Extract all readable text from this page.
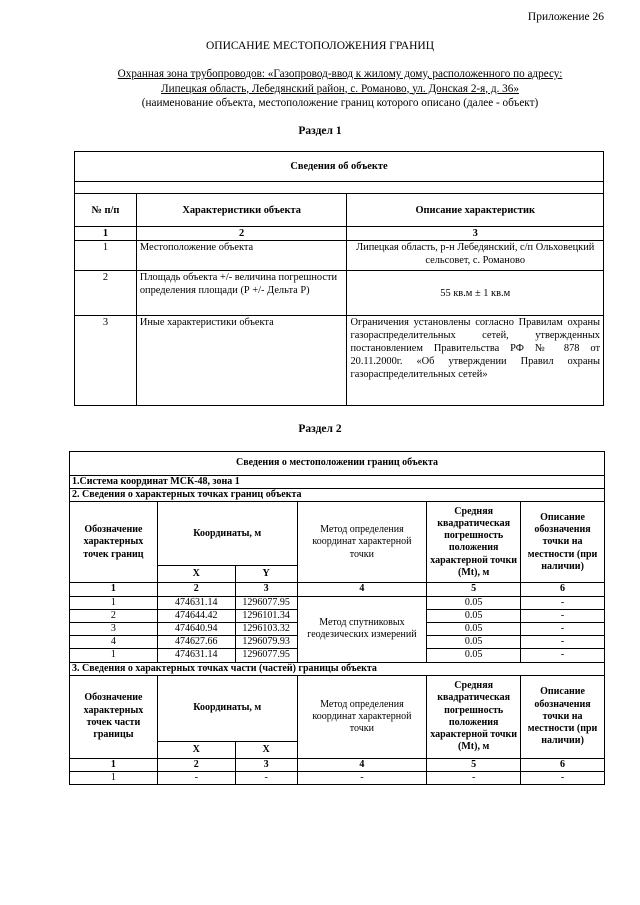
Приложение 26
ОПИСАНИЕ МЕСТОПОЛОЖЕНИЯ ГРАНИЦ
Охранная зона трубопроводов: «Газопровод-ввод к жилому дому, расположенного по адресу:
Липецкая область, Лебедянский район, с. Романово, ул. Донская 2-я, д. 36»
(наименование объекта, местоположение границ которого описано (далее - объект)
Раздел 1
Сведения об объекте		

№ п/п	Характеристики объекта	Описание характеристик
1	2	3
1	Местоположение объекта	Липецкая область, р-н Лебедянский, с/п Ольховецкий сельсовет, с. Романово
2	Площадь объекта +/- величина погрешности определения площади (Р +/- Дельта Р)	55 кв.м ± 1 кв.м
3	Иные характеристики объекта	Ограничения установлены согласно Правилам охраны газораспределительных сетей, утвержденных постановлением Правительства РФ № 878 от 20.11.2000г. «Об утверждении Правил охраны газораспределительных сетей»
Раздел 2
Сведения о местоположении границ объекта					
1.Система координат МСК-48, зона 1					
2. Сведения о характерных точках границ объекта					
Обозначение характерных точек границ	Координаты, м		Метод определения координат характерной точки	Средняя квадратическая погрешность положения характерной точки (Mt), м	Описание обозначения точки на местности (при наличии)
	X	Y			
1	2	3	4	5	6
1	474631.14	1296077.95	Метод спутниковых геодезических измерений	0.05	-
2	474644.42	1296101.34		0.05	-
3	474640.94	1296103.32		0.05	-
4	474627.66	1296079.93		0.05	-
1	474631.14	1296077.95		0.05	-
3. Сведения о характерных точках части (частей) границы объекта					
Обозначение характерных точек части границы	Координаты, м		Метод определения координат характерной точки	Средняя квадратическая погрешность положения характерной точки (Mt), м	Описание обозначения точки на местности (при наличии)
	X	X			
1	2	3	4	5	6
1	-	-	-	-	-
